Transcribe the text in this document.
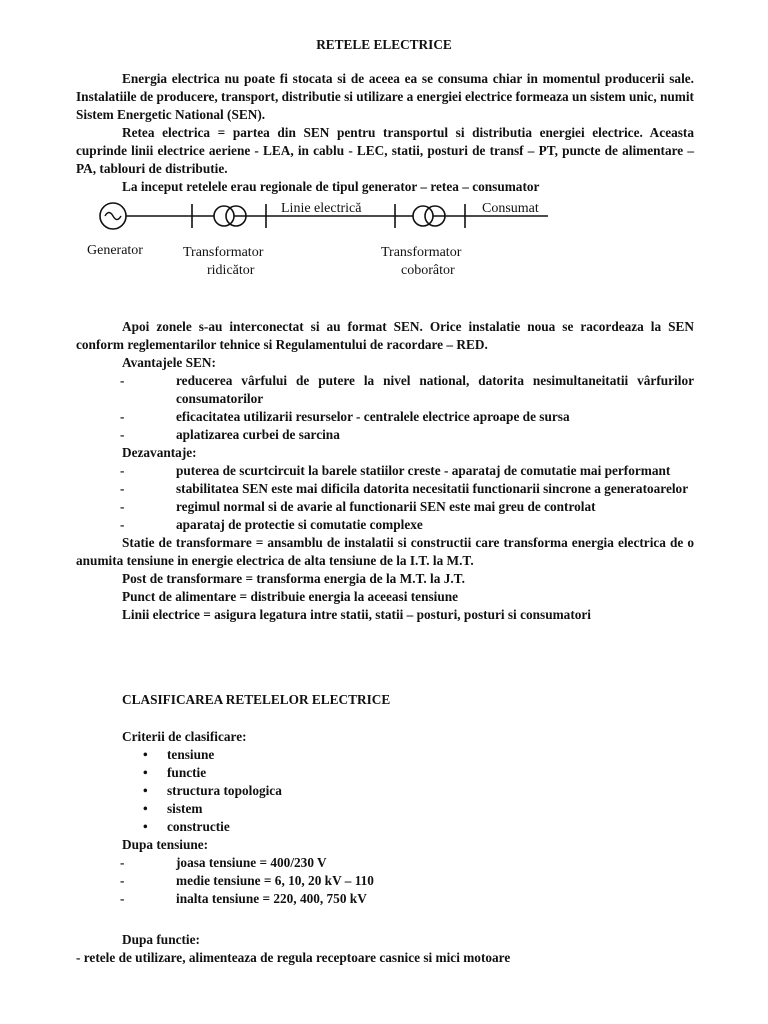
RETELE ELECTRICE

Energia electrica nu poate fi stocata si de aceea ea se consuma chiar in momentul producerii sale. Instalatiile de producere, transport, distributie si utilizare a energiei electrice formeaza un sistem unic, numit Sistem Energetic National (SEN).

Retea electrica = partea din SEN pentru transportul si distributia energiei electrice. Aceasta cuprinde linii electrice aeriene - LEA, in cablu - LEC, statii, posturi de transf – PT, puncte de alimentare – PA, tablouri de distributie.

La inceput retelele erau regionale de tipul generator – retea – consumator

Linie electrică	Consumat
Generator	Transformator
ridicător
Transformator
coborâtor

Apoi zonele s-au interconectat si au format SEN. Orice instalatie noua se racordeaza la SEN conform reglementarilor tehnice si Regulamentului de racordare – RED.

Avantajele SEN:

-	reducerea vârfului de putere la nivel national, datorita nesimultaneitatii vârfurilor consumatorilor

-	eficacitatea utilizarii resurselor - centralele electrice aproape de sursa

-	aplatizarea curbei de sarcina

Dezavantaje:

-	puterea de scurtcircuit la barele statiilor creste - aparataj de comutatie mai performant

-	stabilitatea SEN este mai dificila datorita necesitatii functionarii sincrone a generatoarelor

-	regimul normal si de avarie al functionarii SEN este mai greu de controlat

-	aparataj de protectie si comutatie complexe

Statie de transformare = ansamblu de instalatii si constructii care transforma energia electrica de o anumita tensiune in energie electrica de alta tensiune de la I.T. la M.T.

Post de transformare = transforma energia de la M.T. la J.T.

Punct de alimentare = distribuie energia la aceeasi tensiune

Linii electrice = asigura legatura intre statii, statii – posturi, posturi si consumatori

CLASIFICAREA RETELELOR ELECTRICE

Criterii de clasificare:

• tensiune

• functie

• structura topologica

• sistem

• constructie

Dupa tensiune:

-	joasa tensiune = 400/230 V

-	medie tensiune = 6, 10, 20 kV – 110

-	inalta tensiune = 220, 400, 750 kV

Dupa functie:

- retele de utilizare, alimenteaza de regula receptoare casnice si mici motoare
